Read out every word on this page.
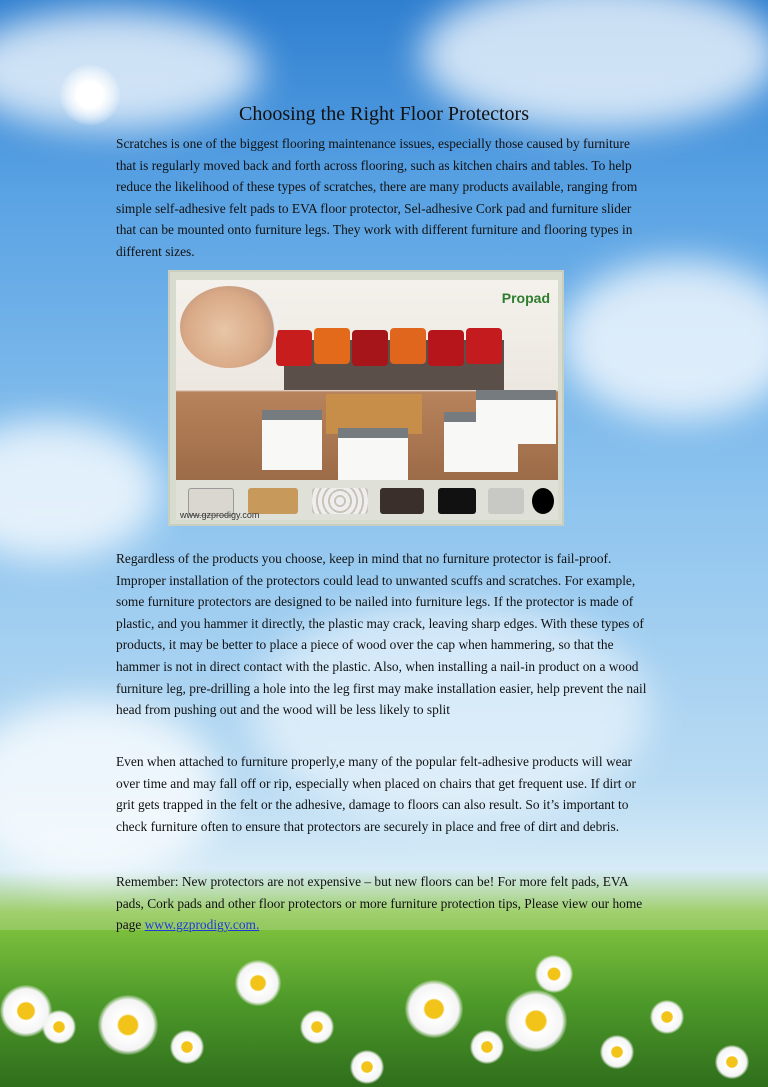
Choosing the Right Floor Protectors

Scratches is one of the biggest flooring maintenance issues, especially those caused by furniture that is regularly moved back and forth across flooring, such as kitchen chairs and tables. To help reduce the likelihood of these types of scratches, there are many products available, ranging from simple self-adhesive felt pads to EVA floor protector, Sel-adhesive Cork pad and furniture slider that can be mounted onto furniture legs. They work with different furniture and flooring types in different sizes.

Propad
www.gzprodigy.com

Regardless of the products you choose, keep in mind that no furniture protector is fail-proof. Improper installation of the protectors could lead to unwanted scuffs and scratches. For example, some furniture protectors are designed to be nailed into furniture legs. If the protector is made of plastic, and you hammer it directly, the plastic may crack, leaving sharp edges. With these types of products, it may be better to place a piece of wood over the cap when hammering, so that the hammer is not in direct contact with the plastic. Also, when installing a nail-in product on a wood furniture leg, pre-drilling a hole into the leg first may make installation easier, help prevent the nail head from pushing out and the wood will be less likely to split

Even when attached to furniture properly,e many of the popular felt-adhesive products will wear over time and may fall off or rip, especially when placed on chairs that get frequent use. If dirt or grit gets trapped in the felt or the adhesive, damage to floors can also result. So it’s important to check furniture often to ensure that protectors are securely in place and free of dirt and debris.

Remember: New protectors are not expensive – but new floors can be! For more felt pads, EVA pads, Cork pads and other floor protectors or more furniture protection tips, Please view our home page www.gzprodigy.com.
